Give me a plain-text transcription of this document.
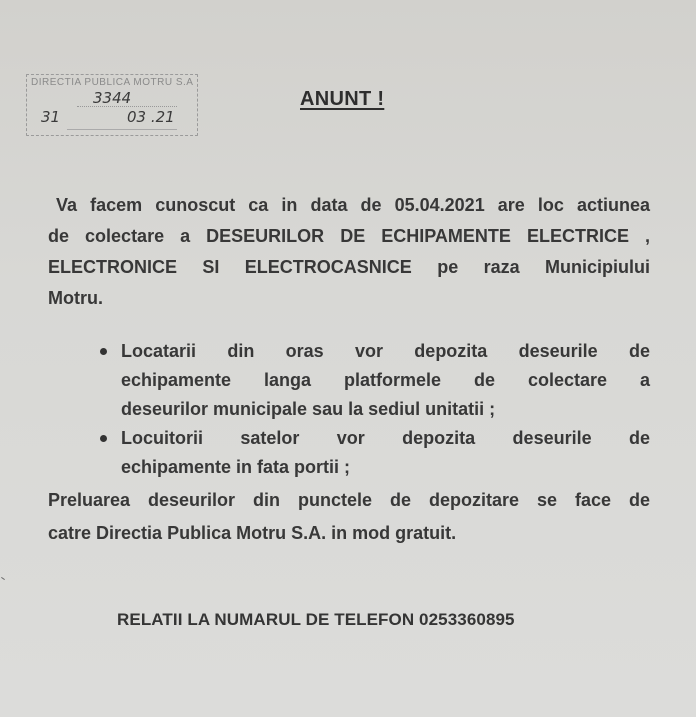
DIRECTIA PUBLICA MOTRU S.A
3344
31	03 .21
ANUNT !
Va facem cunoscut ca in data de 05.04.2021 are loc actiunea
de colectare a DESEURILOR DE ECHIPAMENTE ELECTRICE ,
ELECTRONICE SI ELECTROCASNICE pe raza Municipiului
Motru.
Locatarii din oras vor depozita deseurile de
echipamente langa platformele de colectare a
deseurilor municipale sau la sediul unitatii ;
Locuitorii satelor vor depozita deseurile de
echipamente in fata portii ;
Preluarea deseurilor din punctele de depozitare se face de
catre Directia Publica Motru S.A. in mod gratuit.
RELATII LA NUMARUL DE TELEFON 0253360895
